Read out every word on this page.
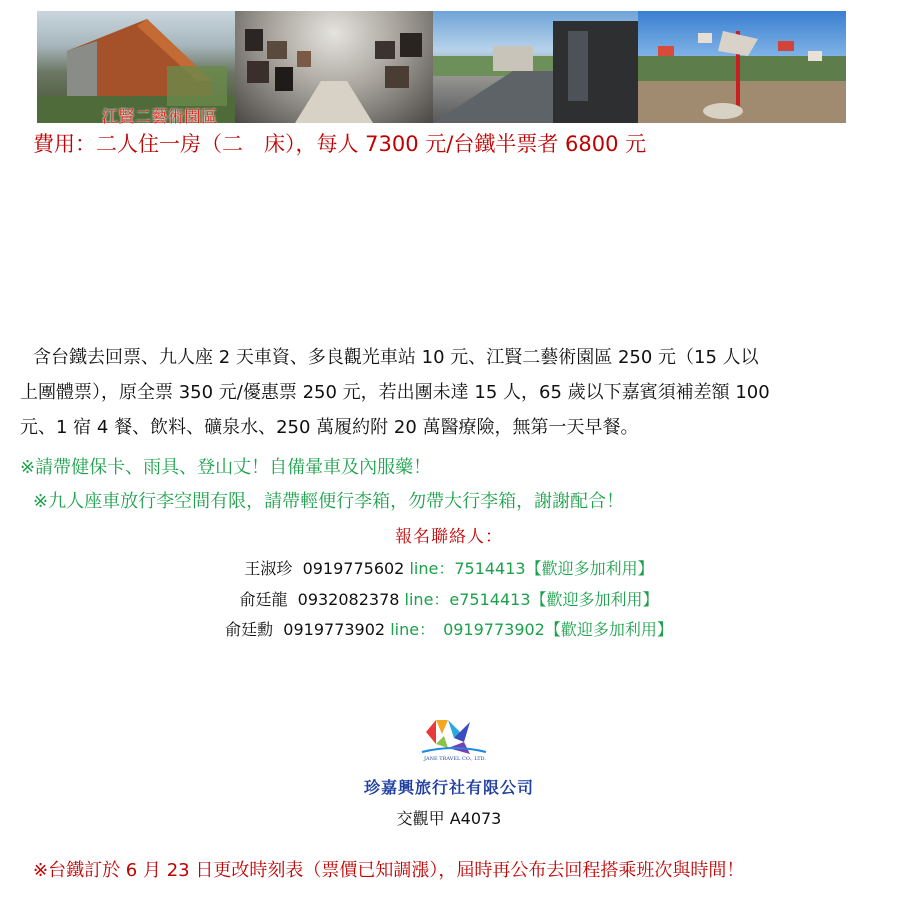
江賢二藝術園區
費用：二人住一房（二　床），每人 7300 元/台鐵半票者 6800 元
含台鐵去回票、九人座 2 天車資、多良觀光車站 10 元、江賢二藝術園區 250 元（15 人以
上團體票），原全票 350 元/優惠票 250 元，若出團未達 15 人，65 歲以下嘉賓須補差額 100
元、1 宿 4 餐、飲料、礦泉水、250 萬履約附 20 萬醫療險，無第一天早餐。
※請帶健保卡、雨具、登山丈！自備暈車及內服藥！
※九人座車放行李空間有限，請帶輕便行李箱，勿帶大行李箱，謝謝配合！
報名聯絡人：
王淑珍 0919775602 line：7514413【歡迎多加利用】
俞廷龍 0932082378 line：e7514413【歡迎多加利用】
俞廷勳 0919773902 line：　0919773902【歡迎多加利用】
JANE TRAVEL CO., LTD.
珍嘉興旅行社有限公司
交觀甲 A4073
※台鐵訂於 6 月 23 日更改時刻表（票價已知調漲），屆時再公布去回程搭乘班次與時間！
